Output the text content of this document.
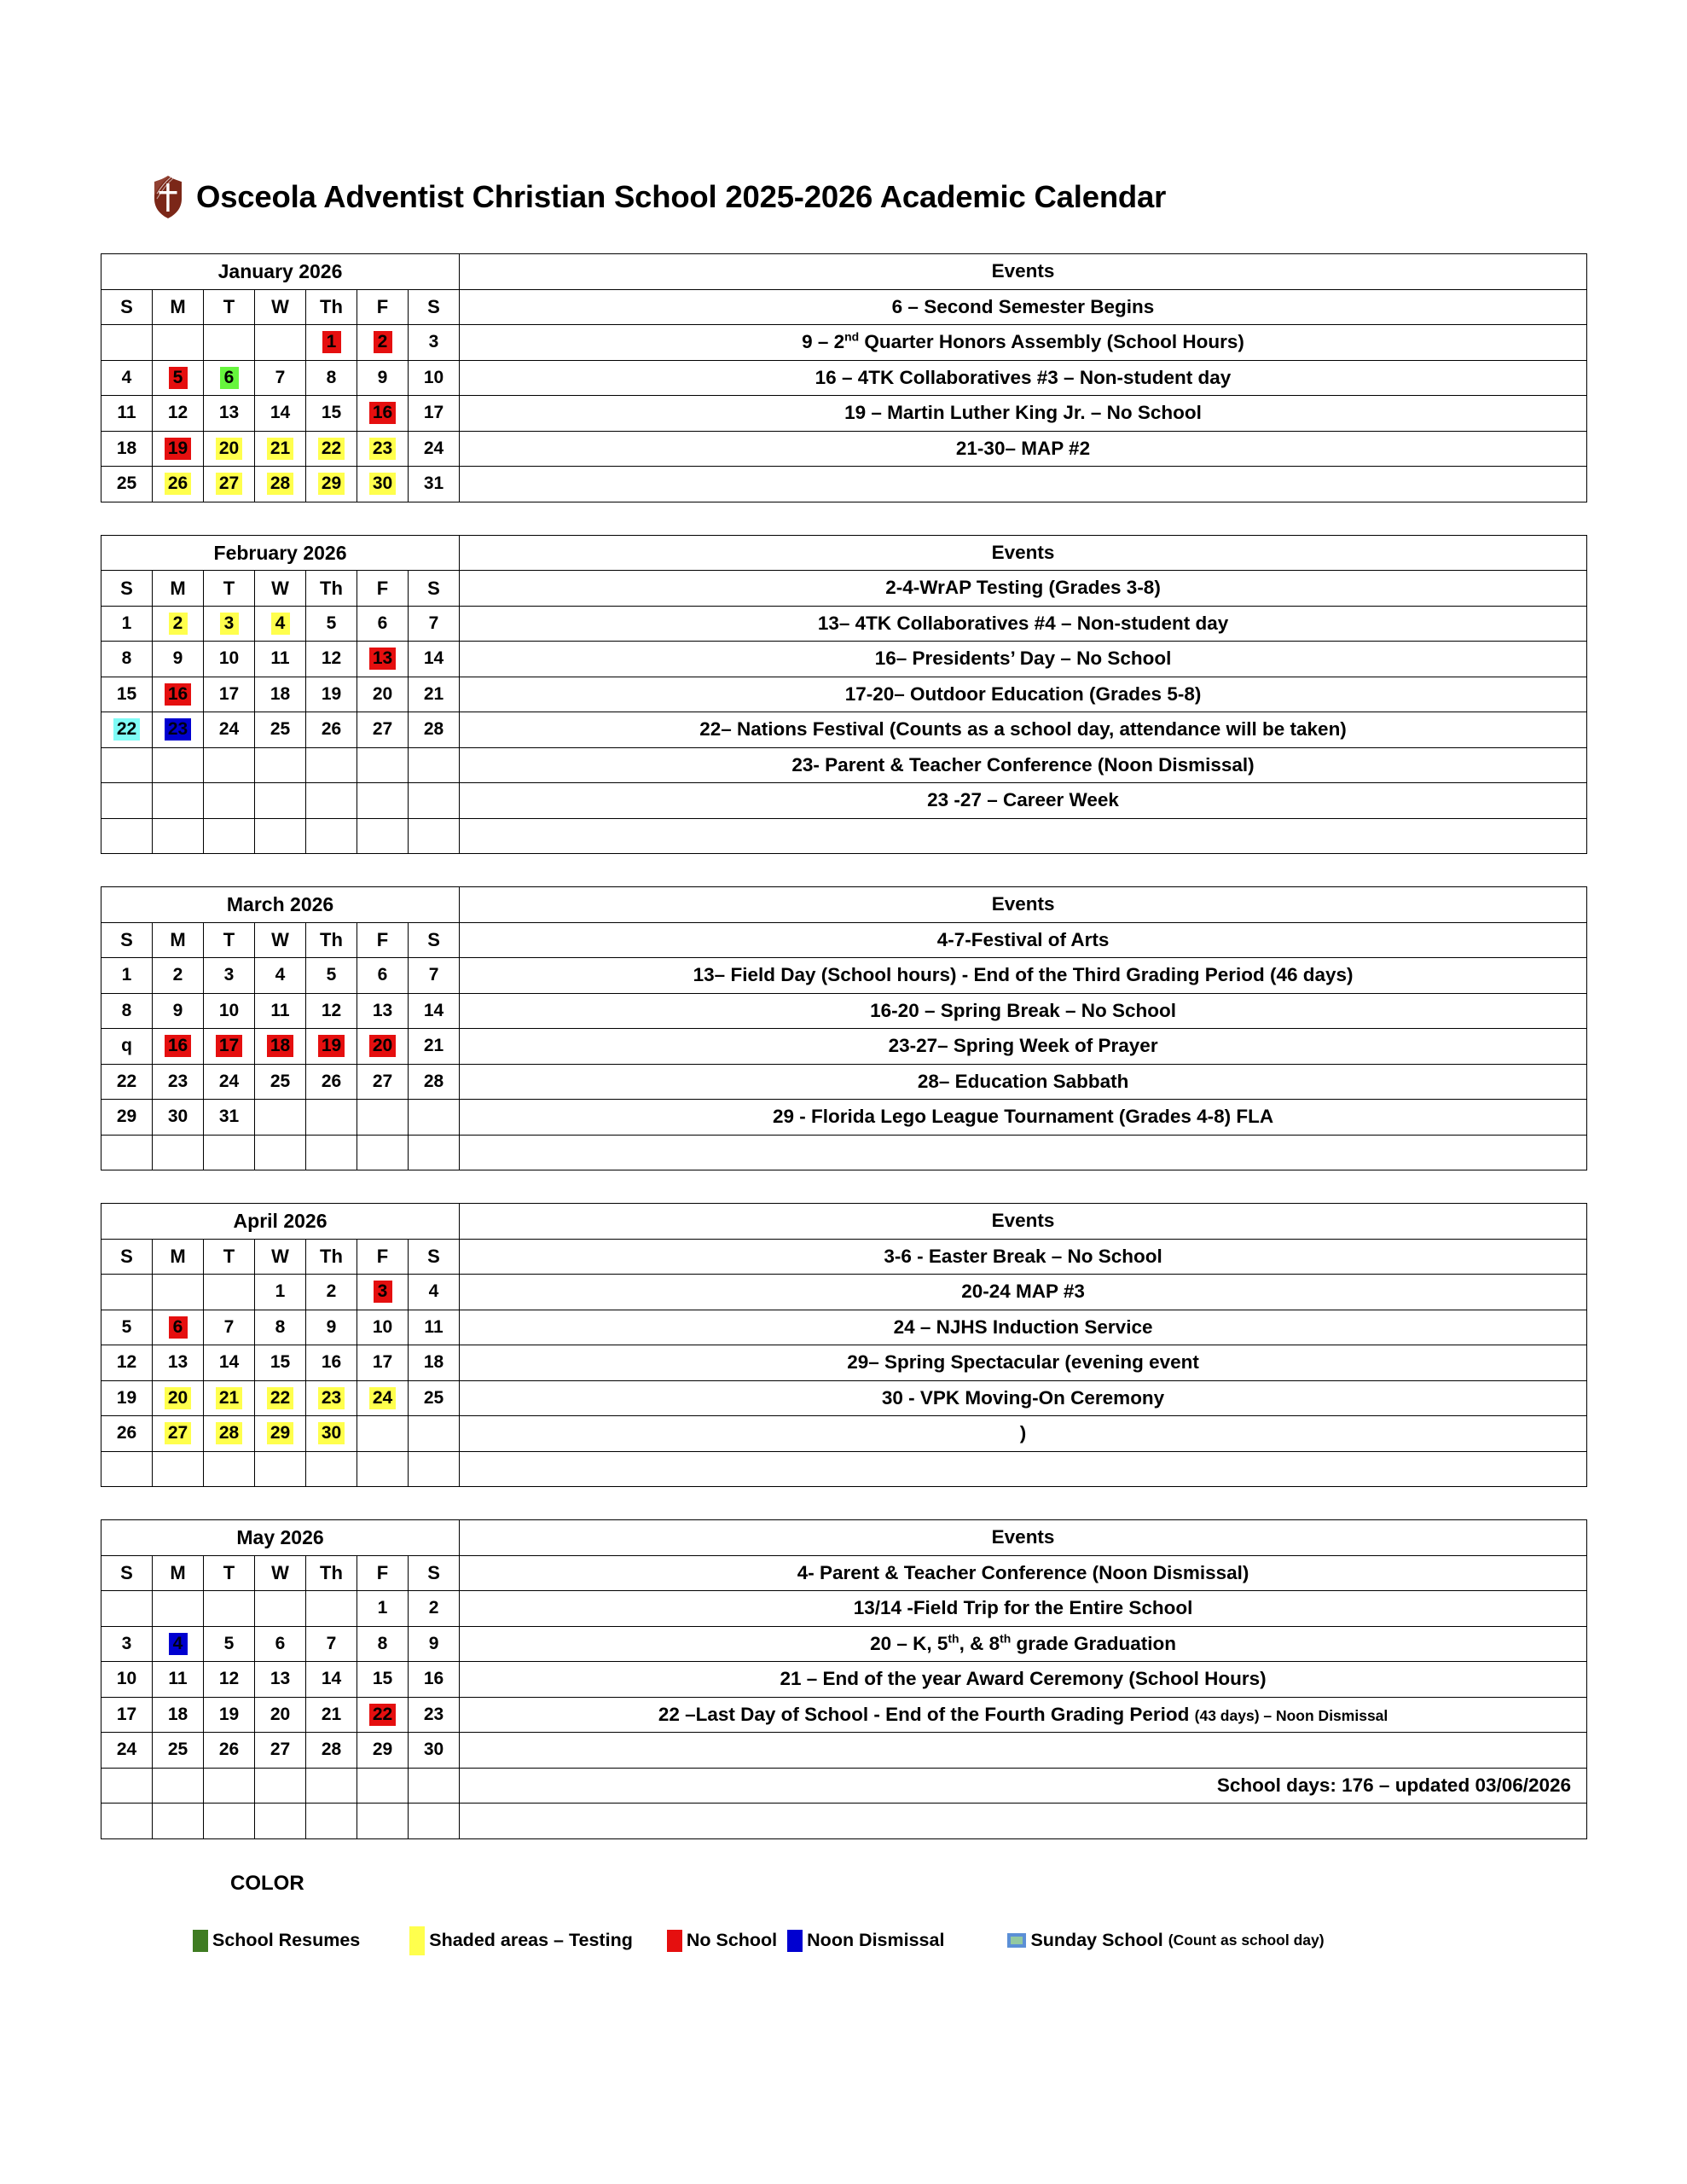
Osceola Adventist Christian School 2025-2026 Academic Calendar
January 2026							Events
S	M	T	W	Th	F	S	6 – Second Semester Begins
				1	2	3	9 – 2nd Quarter Honors Assembly (School Hours)
4	5	6	7	8	9	10	16 – 4TK Collaboratives #3 – Non-student day
11	12	13	14	15	16	17	19 – Martin Luther King Jr. – No School
18	19	20	21	22	23	24	21-30– MAP #2
25	26	27	28	29	30	31	
February 2026							Events
S	M	T	W	Th	F	S	2-4-WrAP Testing (Grades 3-8)
1	2	3	4	5	6	7	13– 4TK Collaboratives #4 – Non-student day
8	9	10	11	12	13	14	16– Presidents’ Day – No School
15	16	17	18	19	20	21	17-20– Outdoor Education (Grades 5-8)
22	23	24	25	26	27	28	22– Nations Festival (Counts as a school day, attendance will be taken)
							23- Parent & Teacher Conference (Noon Dismissal)
							23 -27 – Career Week

March 2026							Events
S	M	T	W	Th	F	S	4-7-Festival of Arts
1	2	3	4	5	6	7	13– Field Day (School hours) - End of the Third Grading Period (46 days)
8	9	10	11	12	13	14	16-20 – Spring Break – No School
q	16	17	18	19	20	21	23-27– Spring Week of Prayer
22	23	24	25	26	27	28	28– Education Sabbath
29	30	31					29 - Florida Lego League Tournament (Grades 4-8) FLA

April 2026							Events
S	M	T	W	Th	F	S	3-6 - Easter Break – No School
			1	2	3	4	20-24 MAP #3
5	6	7	8	9	10	11	24 – NJHS Induction Service
12	13	14	15	16	17	18	29– Spring Spectacular (evening event
19	20	21	22	23	24	25	30 - VPK Moving-On Ceremony
26	27	28	29	30			)

May 2026							Events
S	M	T	W	Th	F	S	4- Parent & Teacher Conference (Noon Dismissal)
					1	2	13/14 -Field Trip for the Entire School
3	4	5	6	7	8	9	20 – K, 5th, & 8th grade Graduation
10	11	12	13	14	15	16	21 – End of the year Award Ceremony (School Hours)
17	18	19	20	21	22	23	22 –Last Day of School - End of the Fourth Grading Period (43 days) – Noon Dismissal
24	25	26	27	28	29	30	
							School days: 176 – updated 03/06/2026

COLOR
School Resumes	Shaded areas – Testing	No School Noon Dismissal	Sunday School (Count as school day)
